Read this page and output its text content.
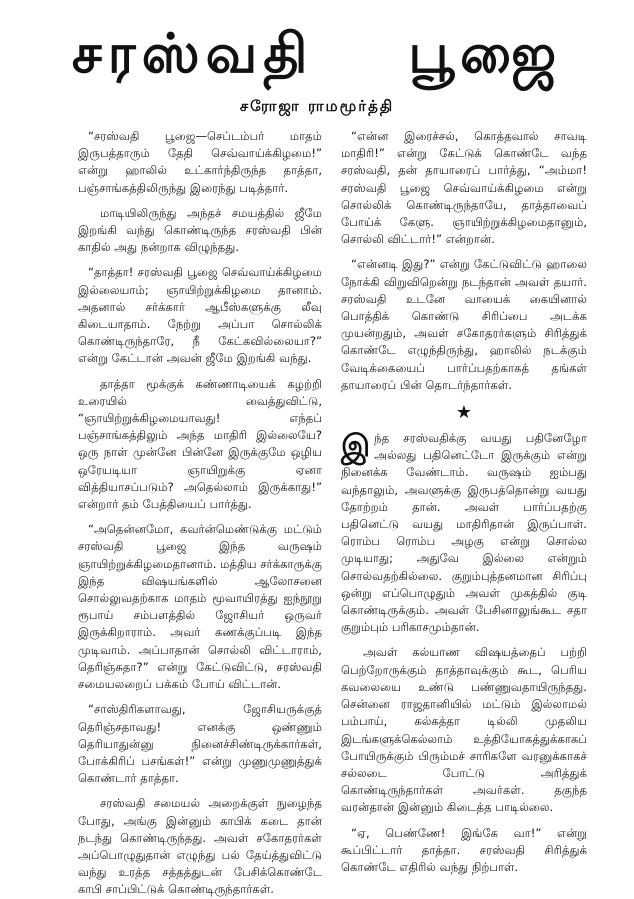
சரஸ்வதி பூஜை
சரோஜா ராமமூர்த்தி

“சரஸ்வதி பூஜை—செப்டம்பர் மாதம் இருபத்தாரும் தேதி செவ்வாய்க்கிழமை!” என்று ஹாலில் உட்கார்ந்திருந்த தாத்தா, பஞ்சாங்கத்திலிருந்து இரைந்து படித்தார்.

மாடியிலிருந்து அந்தச் சமயத்தில் ஜீமே இறங்கி வந்து கொண்டிருந்த சரஸ்வதி பின் காதில் அது நன்றாக விழுந்தது.

“தாத்தா! சரஸ்வதி பூஜை செவ்வாய்க்கிழமை இல்லையாம்; ஞாயிற்றுக்கிழமை தானாம். அதனால் சர்க்கார் ஆபீஸ்களுக்கு லீவு கிடையாதாம். நேற்று அப்பா சொல்லிக் கொண்டிருந்தாரே, நீ கேட்கவில்லையா?” என்று கேட்டான் அவன் ஜீமே இறங்கி வந்து.

தாத்தா மூக்குக் கண்ணாடியைக் கழற்றி உரையில் வைத்துவிட்டு, “ஞாயிற்றுக்கிழமையாவது! எந்தப் பஞ்சாங்கத்திலும் அந்த மாதிரி இல்லையே? ஒரு நாள் முன்னே பின்னே இருக்குமே ஒழிய ஒரேயடியா ஞாயிறுக்கு ஏனா வித்தியாசப்படும்? அதெல்லாம் இருக்காது!” என்றார் தம் பேத்தியைப் பார்த்து.

“அதென்னமோ, கவர்ன்மெண்டுக்கு மட்டும் சரஸ்வதி பூஜை இந்த வருஷம் ஞாயிற்றுக்கிழமைதானாம். மத்திய சர்க்காருக்கு இந்த விஷயங்களில் ஆலோசனை சொல்லுவதற்காக மாதம் மூவாயிரத்து ஐந்நூறு ரூபாய் சம்பளத்தில் ஜோசியர் ஒருவர் இருக்கிறாராம். அவர் கணக்குப்படி இந்த முடிவாம். அப்பாதான் சொல்லி விட்டாராம், தெரிஞ்சுதா?” என்று கேட்டுவிட்டு, சரஸ்வதி சமையலறைப் பக்கம் போய் விட்டான்.

“சாஸ்திரிகளாவது, ஜோசியருக்குத் தெரிஞ்சதாவது! எனக்கு ஒண்ணும் தெரியாதுன்னு நினைச்சிண்டிருக்கார்கள், போக்கிரிப் பசங்கள்!” என்று முணுமுணுத்துக் கொண்டார் தாத்தா.

சரஸ்வதி சமையல் அறைக்குள் நுழைந்த போது, அங்கு இன்னும் காபிக் கடை தான் நடந்து கொண்டிருந்தது. அவள் சகோதரர்கள் அப்பொழுதுதான் எழுந்து பல் தேய்த்துவிட்டு வந்து உரத்த சத்தத்துடன் பேசிக்கொண்டே காபி சாப்பிட்டுக் கொண்டிருந்தார்கள்.

“என்ன இரைச்சல், கொத்தவால் சாவடி மாதிரி!” என்று கேட்டுக் கொண்டே வந்த சரஸ்வதி, தன் தாயாரைப் பார்த்து, “அம்மா! சரஸ்வதி பூஜை செவ்வாய்க்கிழமை என்று சொல்லிக் கொண்டிருந்தாயே, தாத்தாவைப் போய்க் கேளு. ஞாயிற்றுக்கிழமைதானும், சொல்லி விட்டார்!” என்றான்.

“என்னடி இது?” என்று கேட்டுவிட்டு ஹாலை நோக்கி விறுவிறென்று நடந்தான் அவள் தயார். சரஸ்வதி உடனே வாயைக் கையினால் பொத்திக் கொண்டு சிரிப்பை அடக்க முயன்றதும், அவள் சகோதரர்களும் சிரித்துக் கொண்டே எழுந்திருந்து, ஹாலில் நடக்கும் வேடிக்கையைப் பார்ப்பதற்காகத் தங்கள் தாயாரைப் பின் தொடர்ந்தார்கள்.

★

இந்த சரஸ்வதிக்கு வயது பதினேழோ அல்லது பதினெட்டோ இருக்கும் என்று நினைக்க வேண்டாம். வருஷம் ஐம்பது வந்தாலும், அவளுக்கு இருபத்தொன்று வயது தோற்றம் தான். அவள் பார்ப்பதற்கு பதினெட்டு வயது மாதிரிதான் இருப்பாள். ரொம்ப ரொம்ப அழகு என்று சொல்ல முடியாது; அதுவே இல்லை என்றும் சொல்வதற்கில்லை. குறும்புத்தனமான சிரிப்பு ஒன்று எப்பொழுதும் அவள் முகத்தில் குடி கொண்டிருக்கும். அவள் பேசினாலுங்கூட சதா குறும்பும் பரிகாசமும்தான்.

அவள் கல்யாண விஷயத்தைப் பற்றி பெற்றோருக்கும் தாத்தாவுக்கும் கூட, பெரிய கவலையை உண்டு பண்ணுவதாயிருந்தது. சென்னை ராஜதானியில் மட்டும் இல்லாமல் பம்பாய், கல்கத்தா டில்லி முதலிய இடங்களுக்கெல்லாம் உத்தியோகத்துக்காகப் போயிருக்கும் பிரும்மச் சாரிகளே வரனுக்காகச் சல்லடை போட்டு அரித்துக் கொண்டிருந்தார்கள் அவர்கள். தகுந்த வரன்தான் இன்னும் கிடைத்த பாடில்லை.

“ஏ, பெண்ணே! இங்கே வா!” என்று கூப்பிட்டார் தாத்தா. சரஸ்வதி சிரித்துக் கொண்டே எதிரில் வந்து நிற்பாள்.
